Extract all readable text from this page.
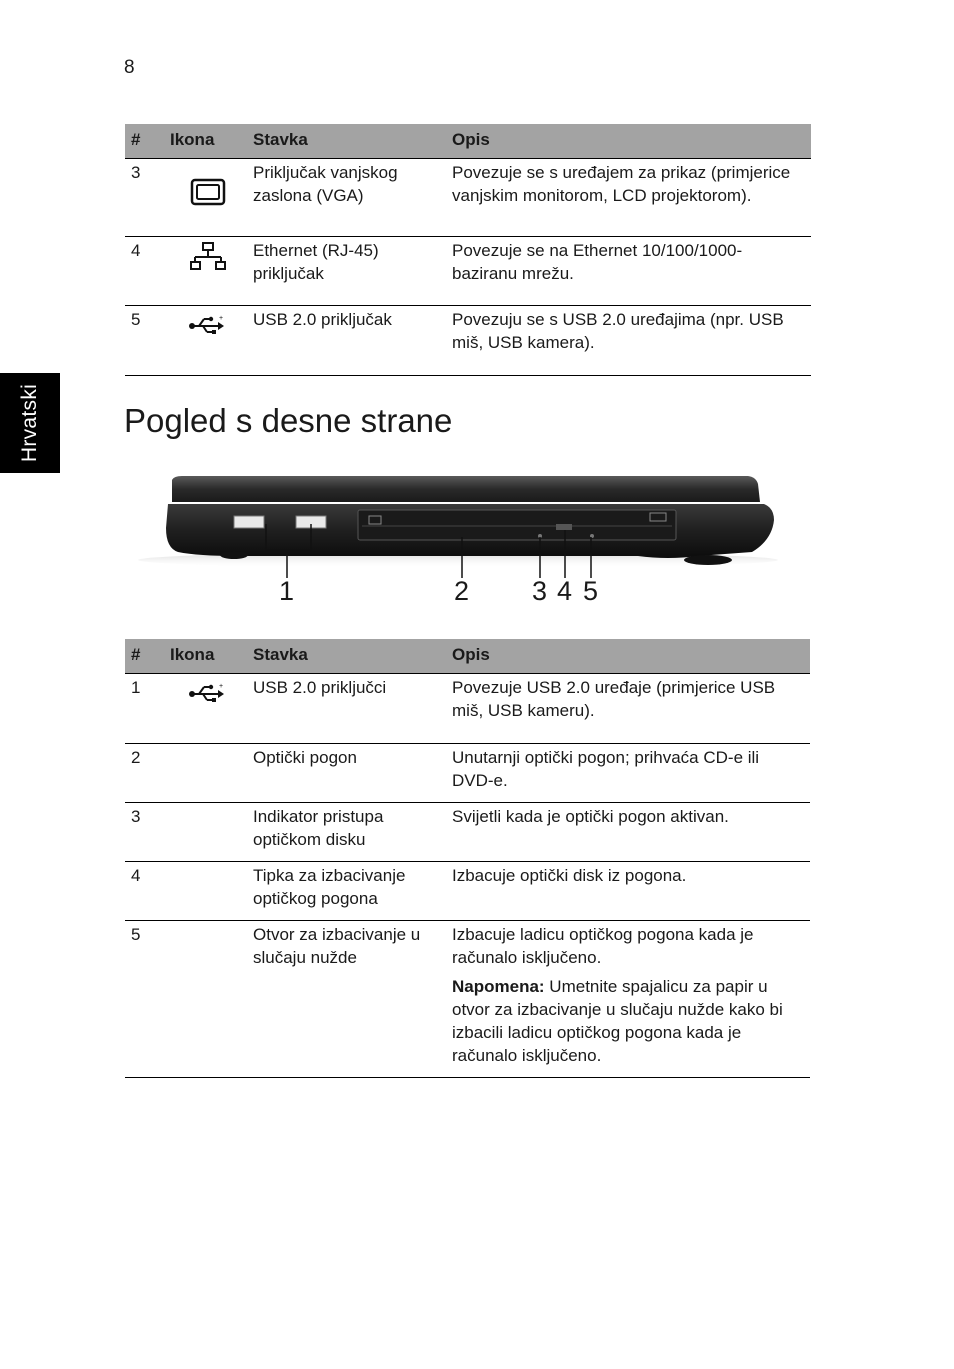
8
Hrvatski
#	Ikona	Stavka	Opis
3		Priključak vanjskog zaslona (VGA)	Povezuje se s uređajem za prikaz (primjerice vanjskim monitorom, LCD projektorom).
4		Ethernet (RJ-45) priključak	Povezuje se na Ethernet 10/100/1000-baziranu mrežu.
5	+	USB 2.0 priključak	Povezuju se s USB 2.0 uređajima (npr. USB miš, USB kamera).
Pogled s desne strane
1	2 3 4 5
#	Ikona	Stavka	Opis
1	+	USB 2.0 priključci	Povezuje USB 2.0 uređaje (primjerice USB miš, USB kameru).
2		Optički pogon	Unutarnji optički pogon; prihvaća CD-e ili DVD-e.
3		Indikator pristupa optičkom disku	Svijetli kada je optički pogon aktivan.
4		Tipka za izbacivanje optičkog pogona	Izbacuje optički disk iz pogona.
5		Otvor za izbacivanje u slučaju nužde	Izbacuje ladicu optičkog pogona kada je računalo isključeno.
Napomena: Umetnite spajalicu za papir u otvor za izbacivanje u slučaju nužde kako bi izbacili ladicu optičkog pogona kada je računalo isključeno.
